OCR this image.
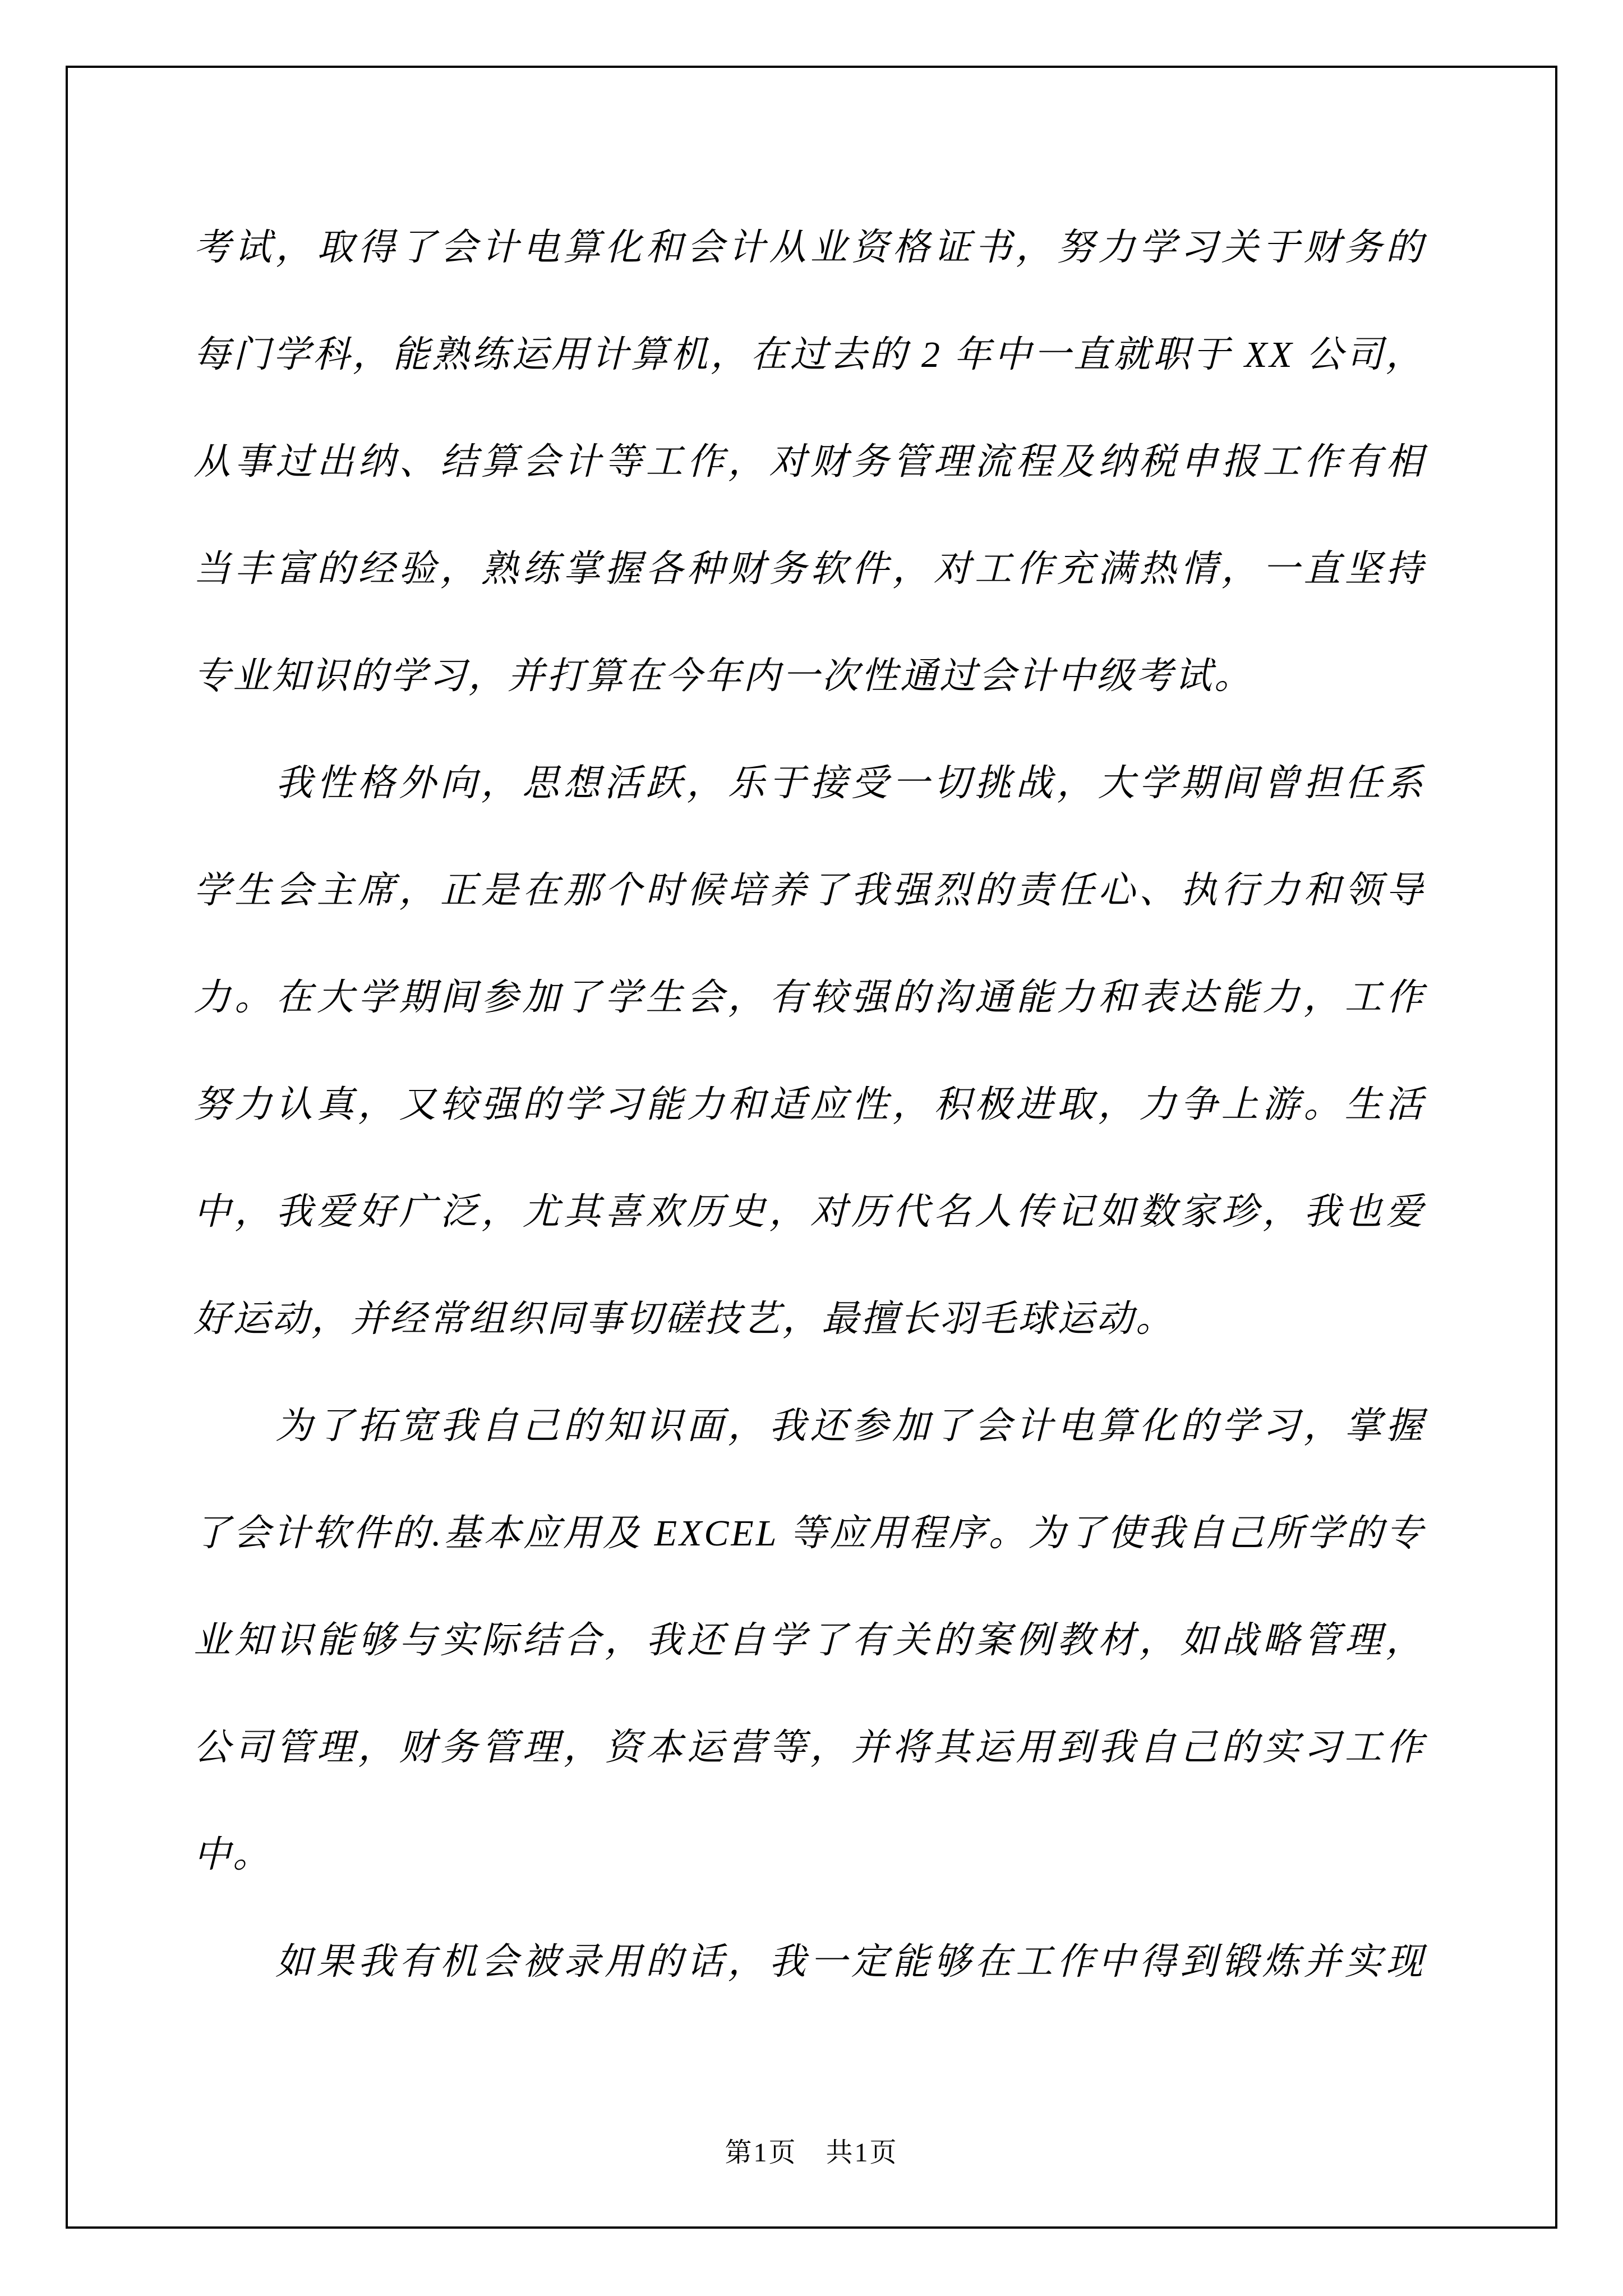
考试，取得了会计电算化和会计从业资格证书，努力学习关于财务的
每门学科，能熟练运用计算机，在过去的 2 年中一直就职于 XX 公司，
从事过出纳、结算会计等工作，对财务管理流程及纳税申报工作有相
当丰富的经验，熟练掌握各种财务软件，对工作充满热情，一直坚持
专业知识的学习，并打算在今年内一次性通过会计中级考试。
我性格外向，思想活跃，乐于接受一切挑战，大学期间曾担任系
学生会主席，正是在那个时候培养了我强烈的责任心、执行力和领导
力。在大学期间参加了学生会，有较强的沟通能力和表达能力，工作
努力认真，又较强的学习能力和适应性，积极进取，力争上游。生活
中，我爱好广泛，尤其喜欢历史，对历代名人传记如数家珍，我也爱
好运动，并经常组织同事切磋技艺，最擅长羽毛球运动。
为了拓宽我自己的知识面，我还参加了会计电算化的学习，掌握
了会计软件的.基本应用及 EXCEL 等应用程序。为了使我自己所学的专
业知识能够与实际结合，我还自学了有关的案例教材，如战略管理，
公司管理，财务管理，资本运营等，并将其运用到我自己的实习工作
中。
如果我有机会被录用的话，我一定能够在工作中得到锻炼并实现
第1页　共1页
